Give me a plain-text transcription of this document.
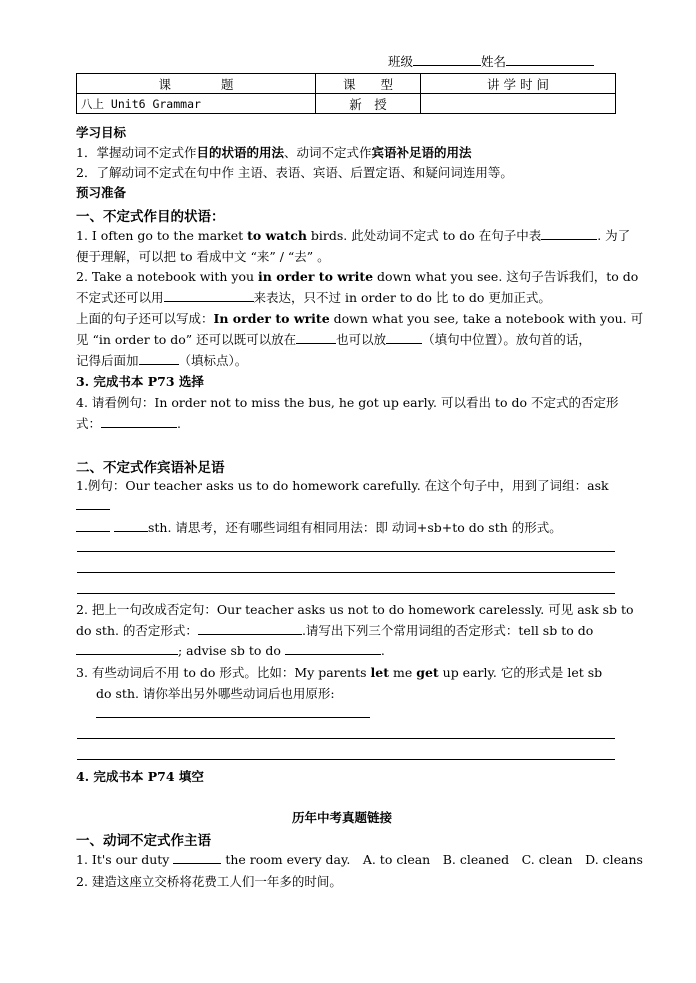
班级	姓名
课　　　　题	课　　型	讲 学 时 间
八上 Unit6 Grammar	新　授	
学习目标
1．掌握动词不定式作目的状语的用法、动词不定式作宾语补足语的用法
2．了解动词不定式在句中作 主语、表语、宾语、后置定语、和疑问词连用等。
预习准备
一、不定式作目的状语：
1. I often go to the market to watch birds. 此处动词不定式 to do 在句子中表	. 为了
便于理解，可以把 to 看成中文 “来” / “去” 。
2. Take a notebook with you in order to write down what you see. 这句子告诉我们，to do
不定式还可以用	来表达，只不过 in order to do 比 to do 更加正式。
上面的句子还可以写成：In order to write down what you see, take a notebook with you. 可
见 “in order to do” 还可以既可以放在	也可以放	（填句中位置）。放句首的话，
记得后面加	（填标点）。
3. 完成书本 P73 选择
4. 请看例句：In order not to miss the bus, he got up early. 可以看出 to do 不定式的否定形
式：	.
二、不定式作宾语补足语
1.例句：Our teacher asks us to do homework carefully. 在这个句子中，用到了词组：ask
sth. 请思考，还有哪些词组有相同用法：即 动词+sb+to do sth 的形式。
2. 把上一句改成否定句：Our teacher asks us not to do homework carelessly. 可见 ask sb to
do sth. 的否定形式：	.请写出下列三个常用词组的否定形式：tell sb to do
; advise sb to do	.
3. 有些动词后不用 to do 形式。比如：My parents let me get up early. 它的形式是 let sb
do sth. 请你举出另外哪些动词后也用原形:
4. 完成书本 P74 填空
历年中考真题链接
一、动词不定式作主语
1. It's our duty	the room every day.　A. to clean　B. cleaned　C. clean　D. cleans
2. 建造这座立交桥将花费工人们一年多的时间。
